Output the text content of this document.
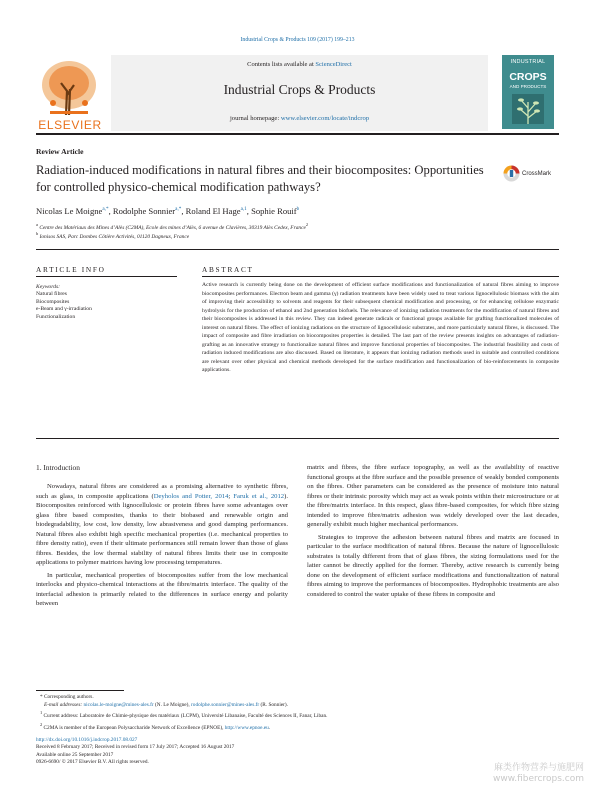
Industrial Crops & Products 109 (2017) 199–213
ELSEVIER
Contents lists available at ScienceDirect
Industrial Crops & Products
journal homepage: www.elsevier.com/locate/indcrop
INDUSTRIAL
CROPS
AND PRODUCTS
Review Article
Radiation-induced modifications in natural fibres and their biocomposites: Opportunities for controlled physico-chemical modification pathways?
CrossMark
Nicolas Le Moigne$^{a,*}$, Rodolphe Sonnier$^{a,*}$, Roland El Hage$^{a,1}$, Sophie Rouif$^b$
$^a$ Centre des Matériaux des Mines d’Alès (C2MA), Ecole des mines d’Alès, 6 avenue de Clavières, 30319 Alès Cedex, France$^2$
$^b$ Ionisos SAS, Parc Dombes Côtière Activités, 01120 Dagneux, France
ARTICLE INFO
Keywords:
Natural fibres
Biocomposites
e-Beam and γ-irradiation
Functionalization
ABSTRACT
Active research is currently being done on the development of efficient surface modifications and functionalization of natural fibres aiming to improve biocomposites performances. Electron beam and gamma (γ) radiation treatments have been widely used to treat various lignocellulosic biomass with the aim of improving their accessibility to solvents and reagents for their subsequent chemical modification and processing, or for enhancing cellulose enzymatic hydrolysis for the production of ethanol and 2nd generation biofuels. The relevance of ionizing radiation treatments for the modification of natural fibres and their biocomposites is addressed in this review. They can indeed generate radicals or functional groups available for grafting functionalized molecules of interest on natural fibres. The effect of ionizing radiations on the structure of lignocellulosic substrates, and more particularly natural fibres, is discussed. The impact of composite and fibre irradiation on biocomposites properties is detailed. The last part of the review presents insights on advantages of radiation-grafting as an innovative strategy to functionalize natural fibres and improve functional properties of biocomposites. The industrial feasibility and costs of radiation induced modifications are also discussed. Based on literature, it appears that ionizing radiation methods used in suitable and controlled conditions are relevant over other physical and chemical methods developed for the surface modification and functionalization of bio-reinforcements in composite applications.
1. Introduction

Nowadays, natural fibres are considered as a promising alternative to synthetic fibres, such as glass, in composite applications (Deyholos and Potter, 2014; Faruk et al., 2012). Biocomposites reinforced with lignocellulosic or protein fibres have some advantages over glass fibre based composites, thanks to their biobased and renewable origin and biodegradability, low cost, low density, low abrasiveness and good damping performances. Natural fibres also exhibit high specific mechanical properties (i.e. mechanical properties to fibre density ratio), even if their ultimate performances still remain lower than those of glass fibres. Besides, the low thermal stability of natural fibres limits their use in composite applications to polymer matrices having low processing temperatures.

In particular, mechanical properties of biocomposites suffer from the low mechanical interlocks and physico-chemical interactions at the fibre/matrix interface. The quality of the interfacial adhesion is primarily related to the differences in surface energy and polarity between

matrix and fibres, the fibre surface topography, as well as the availability of reactive functional groups at the fibre surface and the possible presence of weakly bonded components on the fibres. Other parameters can be considered as the presence of moisture into natural fibres or their intrinsic porosity which may act as weak points within their microstructure or at the fibre/matrix interface. In this respect, glass fibre-based composites, for which fibre sizing intended to improve fibre/matrix adhesion was widely developed over the last decades, generally exhibit much higher mechanical performances.

Strategies to improve the adhesion between natural fibres and matrix are focused in particular to the surface modification of natural fibres. Because the nature of lignocellulosic substrates is totally different from that of glass fibres, the sizing formulations used for the latter cannot be directly applied for the former. Thereby, active research is currently being done on the development of efficient surface modifications and functionalization of natural fibres aiming to improve the performances of biocomposites. Hydrophobic treatments are also considered to control the water uptake of these fibres in composite and

* Corresponding authors.
E-mail addresses: nicolas.le-moigne@mines-ales.fr (N. Le Moigne), rodolphe.sonnier@mines-ales.fr (R. Sonnier).
$^1$ Current address: Laboratoire de Chimie-physique des matériaux (LCPM), Université Libanaise, Faculté des Sciences II, Fanar, Liban.
$^2$ C2MA is member of the European Polysaccharide Network of Excellence (EPNOE), http://www.epnoe.eu.
http://dx.doi.org/10.1016/j.indcrop.2017.08.027
Received 8 February 2017; Received in revised form 17 July 2017; Accepted 16 August 2017
Available online 25 September 2017
0926-6690/ © 2017 Elsevier B.V. All rights reserved.
麻类作物营养与施肥网
www.fibercrops.com
